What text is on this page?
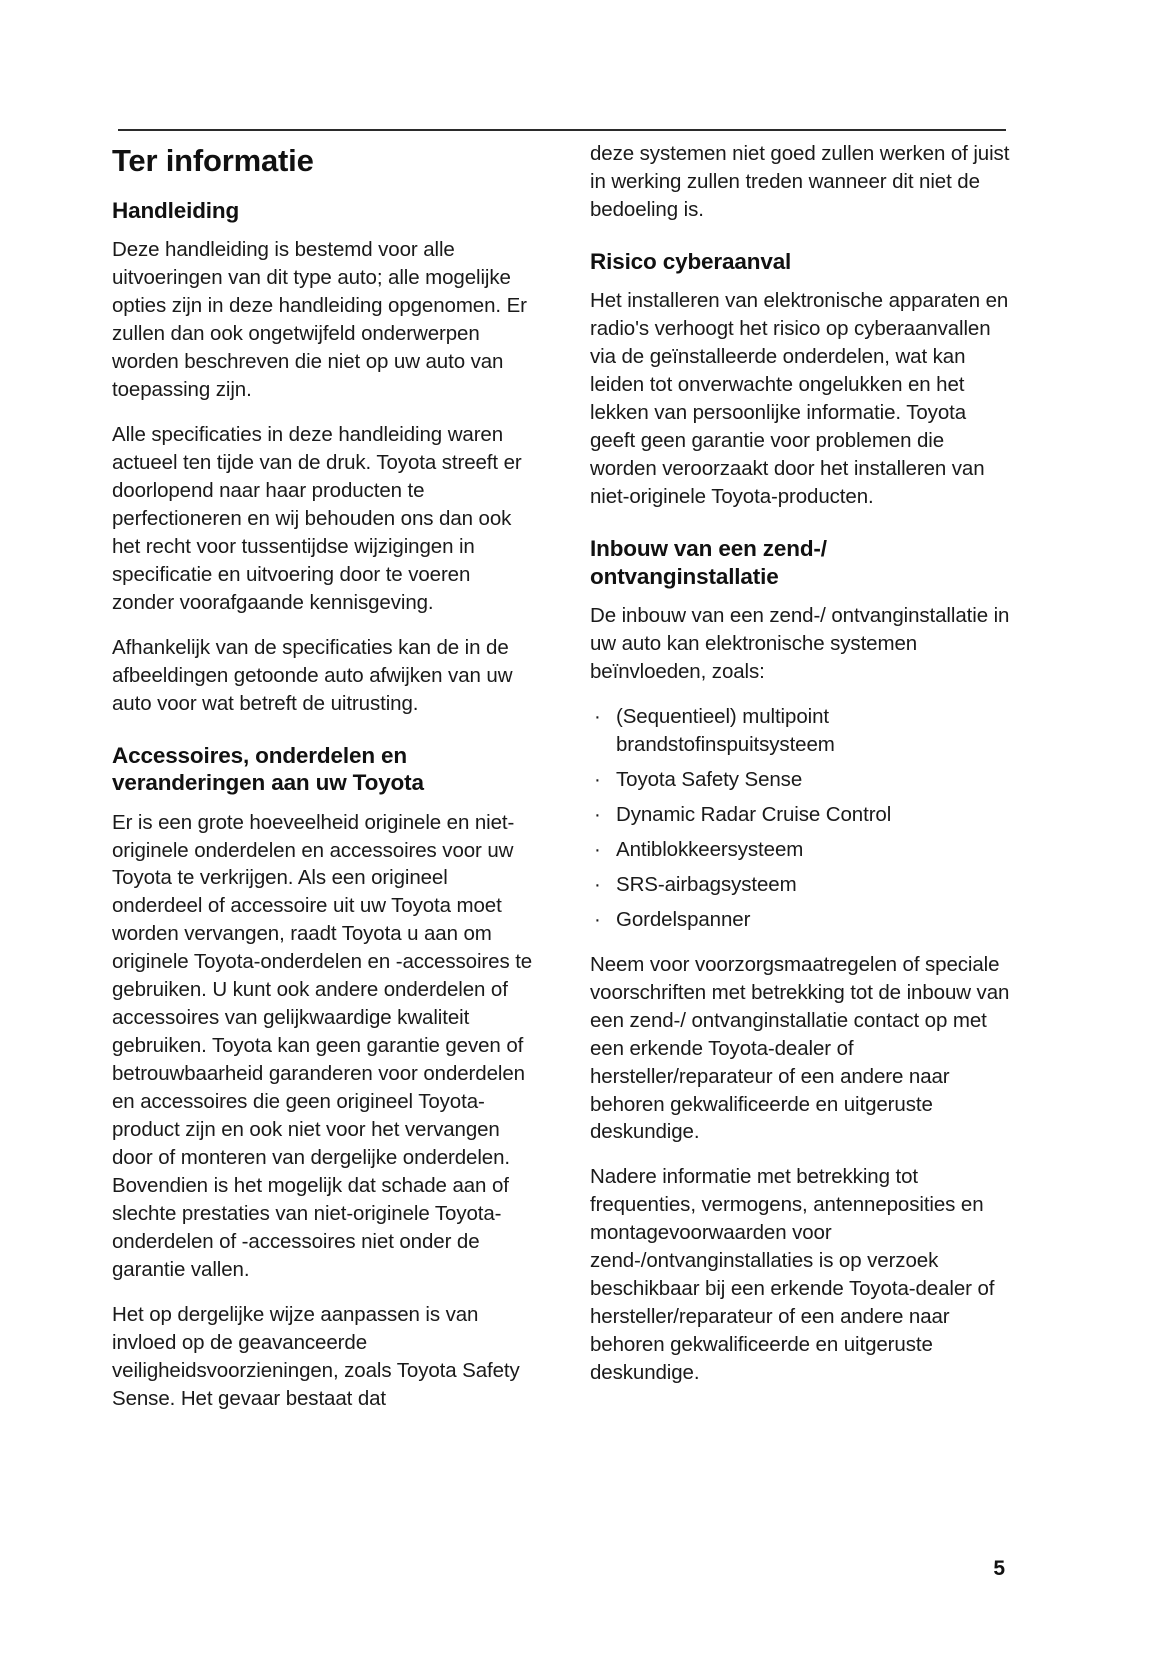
Ter informatie
Handleiding

Deze handleiding is bestemd voor alle uitvoeringen van dit type auto; alle mogelijke opties zijn in deze handleiding opgenomen. Er zullen dan ook ongetwijfeld onderwerpen worden beschreven die niet op uw auto van toepassing zijn.

Alle specificaties in deze handleiding waren actueel ten tijde van de druk. Toyota streeft er doorlopend naar haar producten te perfectioneren en wij behouden ons dan ook het recht voor tussentijdse wijzigingen in specificatie en uitvoering door te voeren zonder voorafgaande kennisgeving.

Afhankelijk van de specificaties kan de in de afbeeldingen getoonde auto afwijken van uw auto voor wat betreft de uitrusting.

Accessoires, onderdelen en veranderingen aan uw Toyota

Er is een grote hoeveelheid originele en niet-originele onderdelen en accessoires voor uw Toyota te verkrijgen. Als een origineel onderdeel of accessoire uit uw Toyota moet worden vervangen, raadt Toyota u aan om originele Toyota-onderdelen en -accessoires te gebruiken. U kunt ook andere onderdelen of accessoires van gelijkwaardige kwaliteit gebruiken. Toyota kan geen garantie geven of betrouwbaarheid garanderen voor onderdelen en accessoires die geen origineel Toyota-product zijn en ook niet voor het vervangen door of monteren van dergelijke onderdelen. Bovendien is het mogelijk dat schade aan of slechte prestaties van niet-originele Toyota-onderdelen of -accessoires niet onder de garantie vallen.

Het op dergelijke wijze aanpassen is van invloed op de geavanceerde veiligheidsvoorzieningen, zoals Toyota Safety Sense. Het gevaar bestaat dat

deze systemen niet goed zullen werken of juist in werking zullen treden wanneer dit niet de bedoeling is.

Risico cyberaanval

Het installeren van elektronische apparaten en radio's verhoogt het risico op cyberaanvallen via de geïnstalleerde onderdelen, wat kan leiden tot onverwachte ongelukken en het lekken van persoonlijke informatie. Toyota geeft geen garantie voor problemen die worden veroorzaakt door het installeren van niet-originele Toyota-producten.

Inbouw van een zend-/ ontvanginstallatie

De inbouw van een zend-/ ontvanginstallatie in uw auto kan elektronische systemen beïnvloeden, zoals:

· (Sequentieel) multipoint brandstofinspuitsysteem
· Toyota Safety Sense
· Dynamic Radar Cruise Control
· Antiblokkeersysteem
· SRS-airbagsysteem
· Gordelspanner

Neem voor voorzorgsmaatregelen of speciale voorschriften met betrekking tot de inbouw van een zend-/ ontvanginstallatie contact op met een erkende Toyota-dealer of hersteller/reparateur of een andere naar behoren gekwalificeerde en uitgeruste deskundige.

Nadere informatie met betrekking tot frequenties, vermogens, antenneposities en montagevoorwaarden voor zend-/ontvanginstallaties is op verzoek beschikbaar bij een erkende Toyota-dealer of hersteller/reparateur of een andere naar behoren gekwalificeerde en uitgeruste deskundige.

5
